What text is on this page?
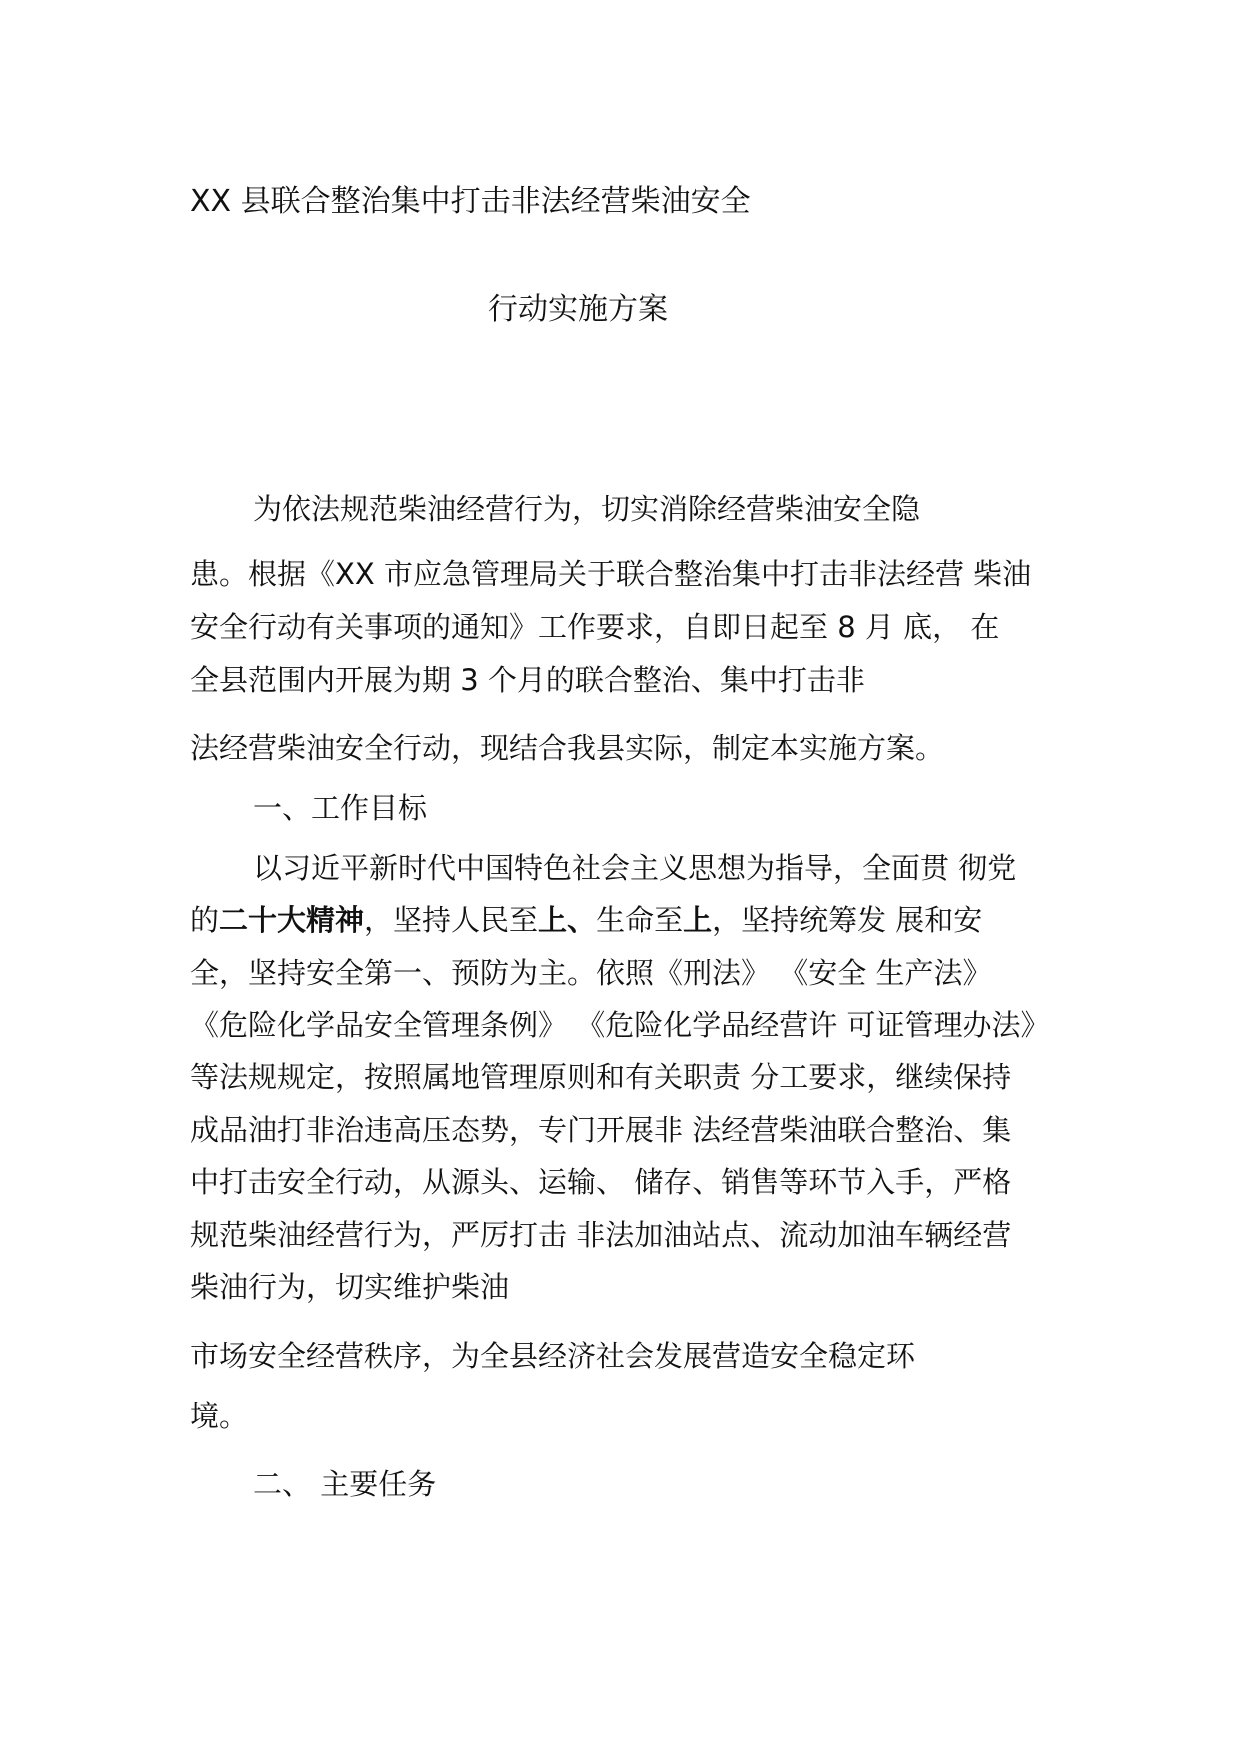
XX 县联合整治集中打击非法经营柴油安全

行动实施方案

为依法规范柴油经营行为，切实消除经营柴油安全隐

患。根据《XX 市应急管理局关于联合整治集中打击非法经营 柴油

安全行动有关事项的通知》工作要求，自即日起至 8 月 底， 在

全县范围内开展为期 3 个月的联合整治、集中打击非

法经营柴油安全行动，现结合我县实际，制定本实施方案。

一、工作目标

以习近平新时代中国特色社会主义思想为指导，全面贯 彻党

的二十大精神，坚持人民至上、生命至上，坚持统筹发 展和安

全，坚持安全第一、预防为主。依照《刑法》 《安全 生产法》

《危险化学品安全管理条例》 《危险化学品经营许 可证管理办法》

等法规规定，按照属地管理原则和有关职责 分工要求，继续保持

成品油打非治违高压态势，专门开展非 法经营柴油联合整治、集

中打击安全行动，从源头、运输、 储存、销售等环节入手，严格

规范柴油经营行为，严厉打击 非法加油站点、流动加油车辆经营

柴油行为，切实维护柴油

市场安全经营秩序，为全县经济社会发展营造安全稳定环

境。

二、 主要任务
